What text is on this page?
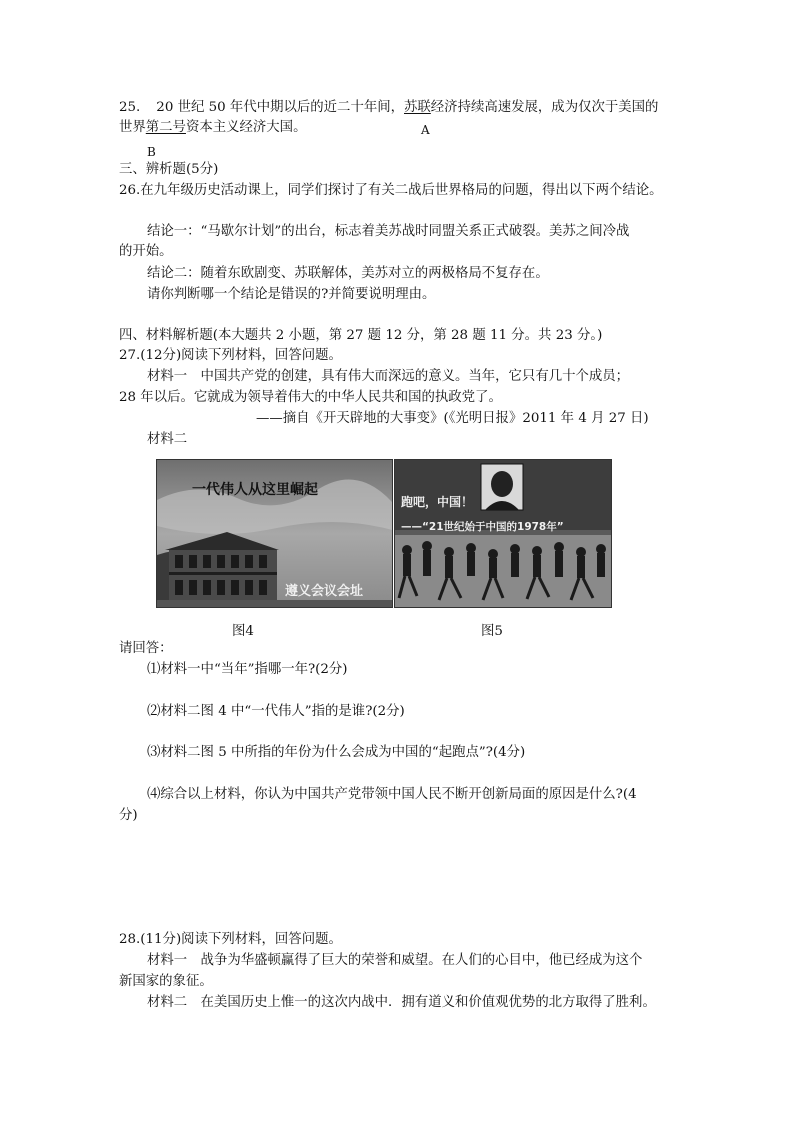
25. 20 世纪 50 年代中期以后的近二十年间，苏联经济持续高速发展，成为仅次于美国的
世界第二号资本主义经济大国。	A
B
三、辨析题(5分)
26.在九年级历史活动课上，同学们探讨了有关二战后世界格局的问题，得出以下两个结论。
结论一：“马歇尔计划”的出台，标志着美苏战时同盟关系正式破裂。美苏之间冷战
的开始。
结论二：随着东欧剧变、苏联解体，美苏对立的两极格局不复存在。
请你判断哪一个结论是错误的?并简要说明理由。
四、材料解析题(本大题共 2 小题，第 27 题 12 分，第 28 题 11 分。共 23 分。)
27.(12分)阅读下列材料，回答问题。
材料一　中国共产党的创建，具有伟大而深远的意义。当年，它只有几十个成员；
28 年以后。它就成为领导着伟大的中华人民共和国的执政党了。
——摘自《开天辟地的大事变》(《光明日报》2011 年 4 月 27 日)
材料二
一代伟人从这里崛起
遵义会议会址
跑吧，中国！
——“21世纪始于中国的1978年”
图4	图5
请回答：
⑴材料一中“当年”指哪一年?(2分)
⑵材料二图 4 中“一代伟人”指的是谁?(2分)
⑶材料二图 5 中所指的年份为什么会成为中国的“起跑点”?(4分)
⑷综合以上材料，你认为中国共产党带领中国人民不断开创新局面的原因是什么?(4
分)
28.(11分)阅读下列材料，回答问题。
材料一　战争为华盛顿赢得了巨大的荣誉和威望。在人们的心目中，他已经成为这个
新国家的象征。
材料二　在美国历史上惟一的这次内战中．拥有道义和价值观优势的北方取得了胜利。
